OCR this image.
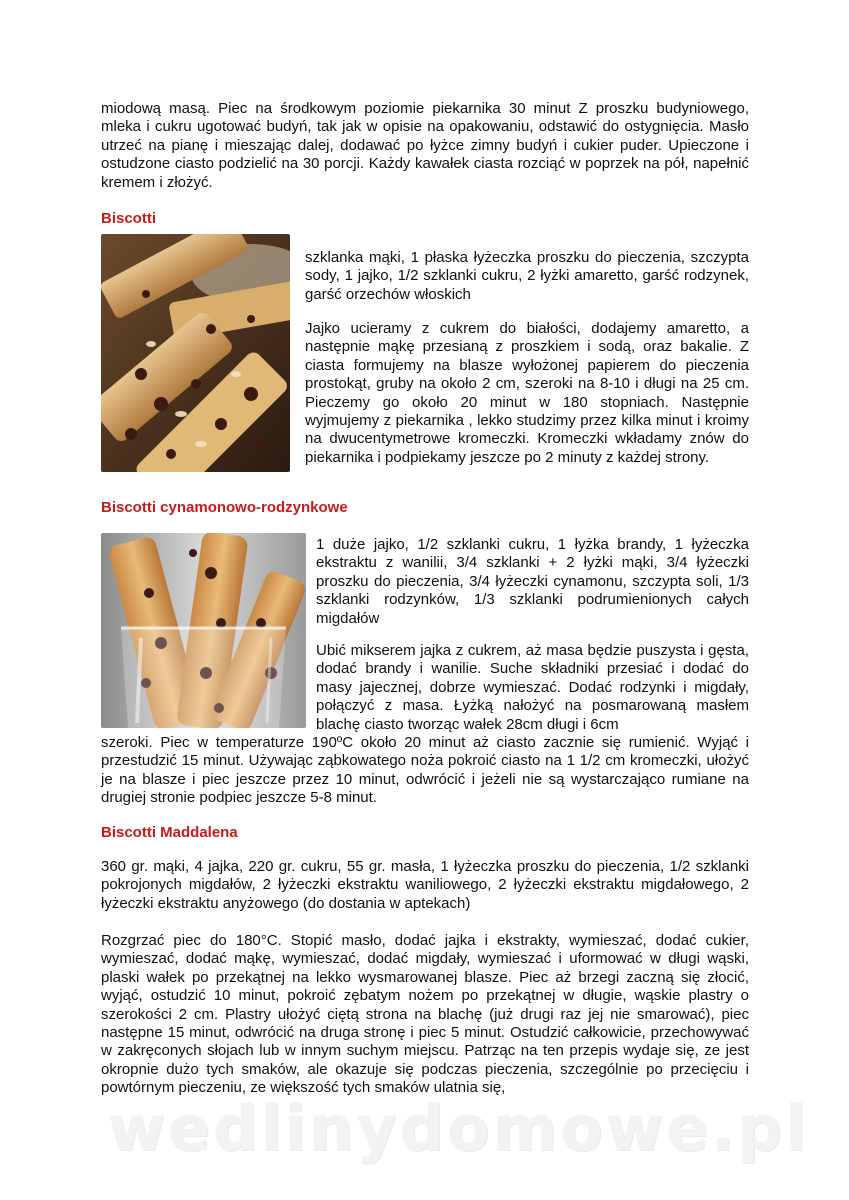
miodową masą. Piec na środkowym poziomie piekarnika 30 minut Z proszku budyniowego, mleka i cukru ugotować budyń, tak jak w opisie na opakowaniu, odstawić do ostygnięcia. Masło utrzeć na pianę i mieszając dalej, dodawać po łyżce zimny budyń i cukier puder. Upieczone i ostudzone ciasto podzielić na 30 porcji. Każdy kawałek ciasta rozciąć w poprzek na pół, napełnić kremem i złożyć.

Biscotti

szklanka mąki, 1 płaska łyżeczka proszku do pieczenia, szczypta sody, 1 jajko, 1/2 szklanki cukru, 2 łyżki amaretto, garść rodzynek, garść orzechów włoskich

Jajko ucieramy z cukrem do białości, dodajemy amaretto, a następnie mąkę przesianą z proszkiem i sodą, oraz bakalie. Z ciasta formujemy na blasze wyłożonej papierem do pieczenia prostokąt, gruby na około 2 cm, szeroki na 8-10 i długi na 25 cm. Pieczemy go około 20 minut w 180 stopniach. Następnie wyjmujemy z piekarnika , lekko studzimy przez kilka minut i kroimy na dwucentymetrowe kromeczki. Kromeczki wkładamy znów do piekarnika i podpiekamy jeszcze po 2 minuty z każdej strony.

Biscotti cynamonowo-rodzynkowe

1 duże jajko, 1/2 szklanki cukru, 1 łyżka brandy, 1 łyżeczka ekstraktu z wanilii, 3/4 szklanki + 2 łyżki mąki, 3/4 łyżeczki proszku do pieczenia, 3/4 łyżeczki cynamonu, szczypta soli, 1/3 szklanki rodzynków, 1/3 szklanki podrumienionych całych migdałów

Ubić mikserem jajka z cukrem, aż masa będzie puszysta i gęsta, dodać brandy i wanilie. Suche składniki przesiać i dodać do masy jajecznej, dobrze wymieszać. Dodać rodzynki i migdały, połączyć z masa. Łyżką nałożyć na posmarowaną masłem blachę ciasto tworząc wałek 28cm długi i 6cm

szeroki. Piec w temperaturze 190ºC około 20 minut aż ciasto zacznie się rumienić. Wyjąć i przestudzić 15 minut. Używając ząbkowatego noża pokroić ciasto na 1 1/2 cm kromeczki, ułożyć je na blasze i piec jeszcze przez 10 minut, odwrócić i jeżeli nie są wystarczająco rumiane na drugiej stronie podpiec jeszcze 5-8 minut.

Biscotti Maddalena

360 gr. mąki, 4 jajka, 220 gr. cukru, 55 gr. masła, 1 łyżeczka proszku do pieczenia, 1/2 szklanki pokrojonych migdałów, 2 łyżeczki ekstraktu waniliowego, 2 łyżeczki ekstraktu migdałowego, 2 łyżeczki ekstraktu anyżowego (do dostania w aptekach)

Rozgrzać piec do 180°C. Stopić masło, dodać jajka i ekstrakty, wymieszać, dodać cukier, wymieszać, dodać mąkę, wymieszać, dodać migdały, wymieszać i uformować w długi wąski, plaski wałek po przekątnej na lekko wysmarowanej blasze. Piec aż brzegi zaczną się złocić, wyjąć, ostudzić 10 minut, pokroić zębatym nożem po przekątnej w długie, wąskie plastry o szerokości 2 cm. Plastry ułożyć ciętą strona na blachę (już drugi raz jej nie smarować), piec następne 15 minut, odwrócić na druga stronę i piec 5 minut. Ostudzić całkowicie, przechowywać w zakręconych słojach lub w innym suchym miejscu. Patrząc na ten przepis wydaje się, ze jest okropnie dużo tych smaków, ale okazuje się podczas pieczenia, szczególnie po przecięciu i powtórnym pieczeniu, ze większość tych smaków ulatnia się,

wedlinydomowe.pl
